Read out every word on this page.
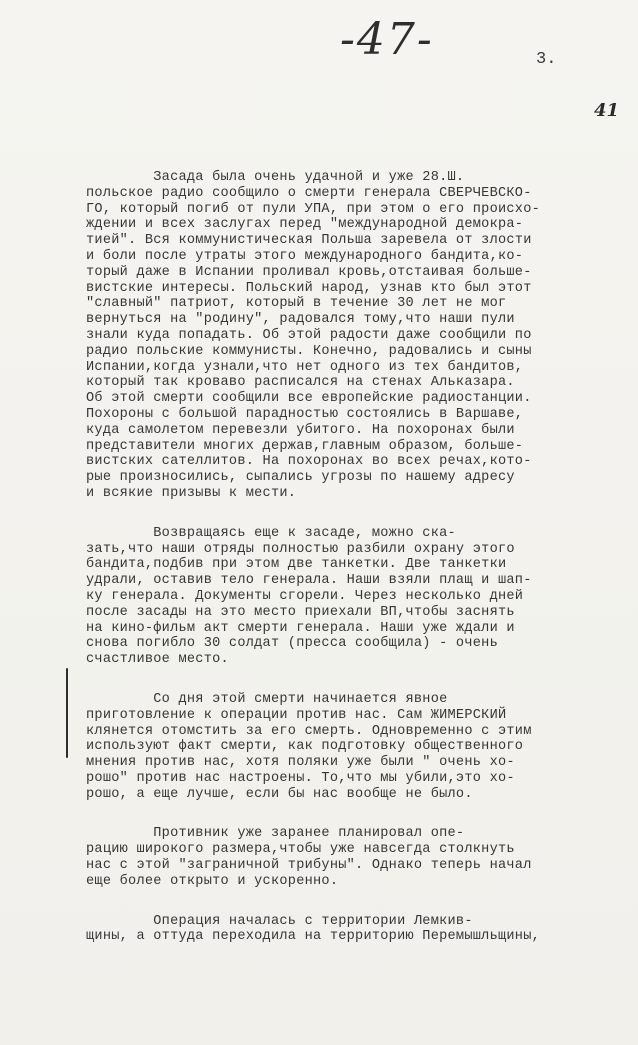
-47-	3.
41
Засада была очень удачной и уже 28.Ш.
польское радио сообщило о смерти генерала СВЕРЧЕВСКО-
ГО, который погиб от пули УПА, при этом о его происхо-
ждении и всех заслугах перед "международной демокра-
тией". Вся коммунистическая Польша заревела от злости
и боли после утраты этого международного бандита,ко-
торый даже в Испании проливал кровь,отстаивая больше-
вистские интересы. Польский народ, узнав кто был этот
"славный" патриот, который в течение 30 лет не мог
вернуться на "родину", радовался тому,что наши пули
знали куда попадать. Об этой радости даже сообщили по
радио польские коммунисты. Конечно, радовались и сыны
Испании,когда узнали,что нет одного из тех бандитов,
который так кроваво расписался на стенах Альказара.
Об этой смерти сообщили все европейские радиостанции.
Похороны с большой парадностью состоялись в Варшаве,
куда самолетом перевезли убитого. На похоронах были
представители многих держав,главным образом, больше-
вистских сателлитов. На похоронах во всех речах,кото-
рые произносились, сыпались угрозы по нашему адресу
и всякие призывы к мести.
Возвращаясь еще к засаде, можно ска-
зать,что наши отряды полностью разбили охрану этого
бандита,подбив при этом две танкетки. Две танкетки
удрали, оставив тело генерала. Наши взяли плащ и шап-
ку генерала. Документы сгорели. Через несколько дней
после засады на это место приехали ВП,чтобы заснять
на кино-фильм акт смерти генерала. Наши уже ждали и
снова погибло 30 солдат (пресса сообщила) - очень
счастливое место.
Со дня этой смерти начинается явное
приготовление к операции против нас. Сам ЖИМЕРСКИЙ
клянется отомстить за его смерть. Одновременно с этим
используют факт смерти, как подготовку общественного
мнения против нас, хотя поляки уже были " очень хо-
рошо" против нас настроены. То,что мы убили,это хо-
рошо, а еще лучше, если бы нас вообще не было.
Противник уже заранее планировал опе-
рацию широкого размера,чтобы уже навсегда столкнуть
нас с этой "заграничной трибуны". Однако теперь начал
еще более открыто и ускоренно.
Операция началась с территории Лемкив-
щины, а оттуда переходила на территорию Перемышльщины,
